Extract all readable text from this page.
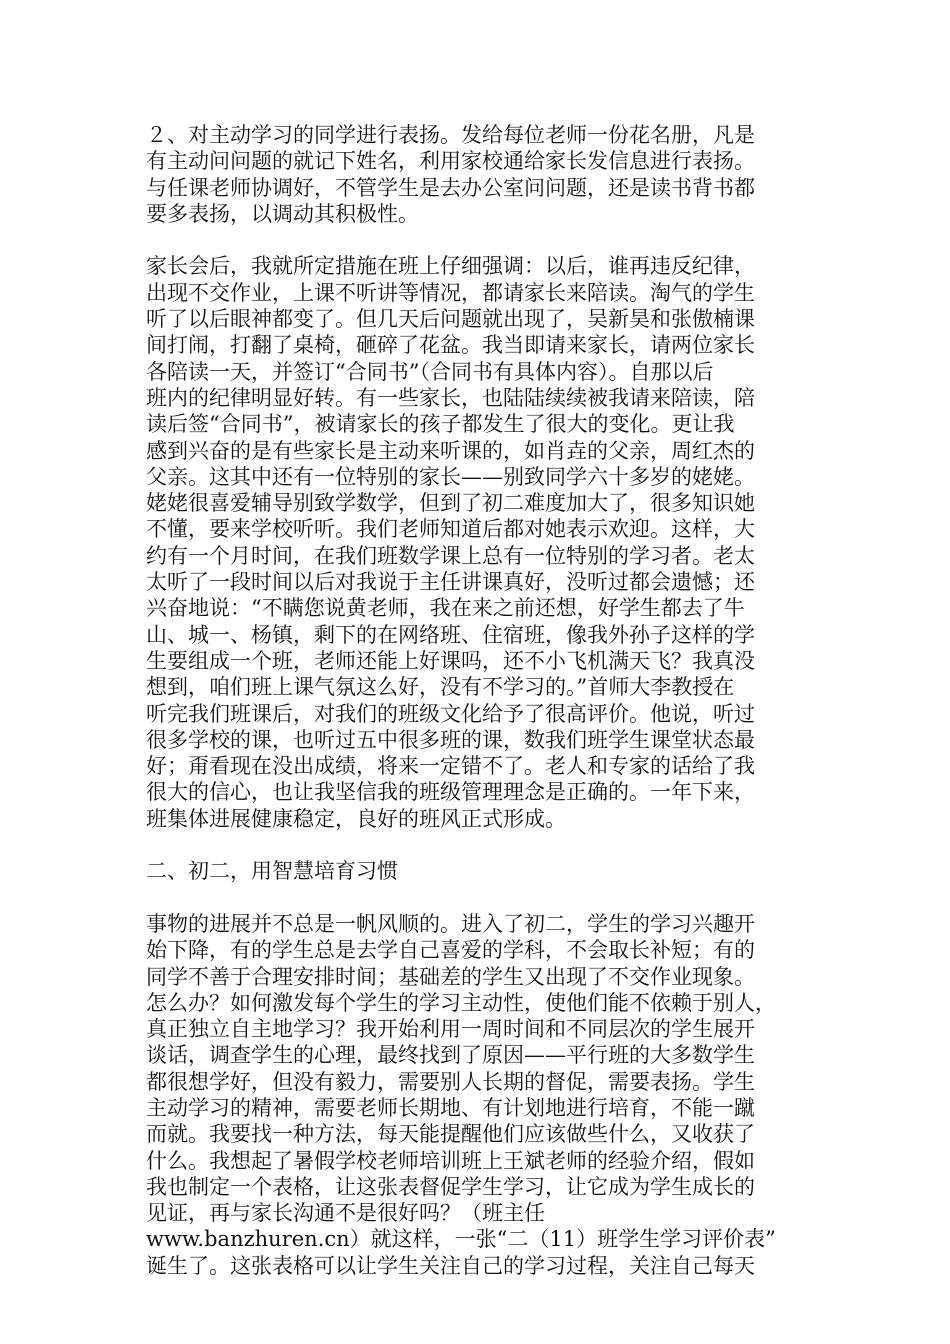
２、对主动学习的同学进行表扬。发给每位老师一份花名册，凡是
有主动问问题的就记下姓名，利用家校通给家长发信息进行表扬。
与任课老师协调好，不管学生是去办公室问问题，还是读书背书都
要多表扬，以调动其积极性。
家长会后，我就所定措施在班上仔细强调：以后，谁再违反纪律，
出现不交作业，上课不听讲等情况，都请家长来陪读。淘气的学生
听了以后眼神都变了。但几天后问题就出现了，吴新昊和张傲楠课
间打闹，打翻了桌椅，砸碎了花盆。我当即请来家长，请两位家长
各陪读一天，并签订“合同书”（合同书有具体内容）。自那以后
班内的纪律明显好转。有一些家长，也陆陆续续被我请来陪读，陪
读后签“合同书”，被请家长的孩子都发生了很大的变化。更让我
感到兴奋的是有些家长是主动来听课的，如肖垚的父亲，周红杰的
父亲。这其中还有一位特别的家长——别致同学六十多岁的姥姥。
姥姥很喜爱辅导别致学数学，但到了初二难度加大了，很多知识她
不懂，要来学校听听。我们老师知道后都对她表示欢迎。这样，大
约有一个月时间，在我们班数学课上总有一位特别的学习者。老太
太听了一段时间以后对我说于主任讲课真好，没听过都会遗憾；还
兴奋地说：“不瞒您说黄老师，我在来之前还想，好学生都去了牛
山、城一、杨镇，剩下的在网络班、住宿班，像我外孙子这样的学
生要组成一个班，老师还能上好课吗，还不小飞机满天飞？我真没
想到，咱们班上课气氛这么好，没有不学习的。”首师大李教授在
听完我们班课后，对我们的班级文化给予了很高评价。他说，听过
很多学校的课，也听过五中很多班的课，数我们班学生课堂状态最
好；甭看现在没出成绩，将来一定错不了。老人和专家的话给了我
很大的信心，也让我坚信我的班级管理理念是正确的。一年下来，
班集体进展健康稳定，良好的班风正式形成。
二、初二，用智慧培育习惯
事物的进展并不总是一帆风顺的。进入了初二，学生的学习兴趣开
始下降，有的学生总是去学自己喜爱的学科，不会取长补短；有的
同学不善于合理安排时间；基础差的学生又出现了不交作业现象。
怎么办？如何激发每个学生的学习主动性，使他们能不依赖于别人，
真正独立自主地学习？我开始利用一周时间和不同层次的学生展开
谈话，调查学生的心理，最终找到了原因——平行班的大多数学生
都很想学好，但没有毅力，需要别人长期的督促，需要表扬。学生
主动学习的精神，需要老师长期地、有计划地进行培育，不能一蹴
而就。我要找一种方法，每天能提醒他们应该做些什么，又收获了
什么。我想起了暑假学校老师培训班上王斌老师的经验介绍，假如
我也制定一个表格，让这张表督促学生学习，让它成为学生成长的
见证，再与家长沟通不是很好吗？（班主任
www.banzhuren.cn）就这样，一张“二（11）班学生学习评价表”
诞生了。这张表格可以让学生关注自己的学习过程，关注自己每天
